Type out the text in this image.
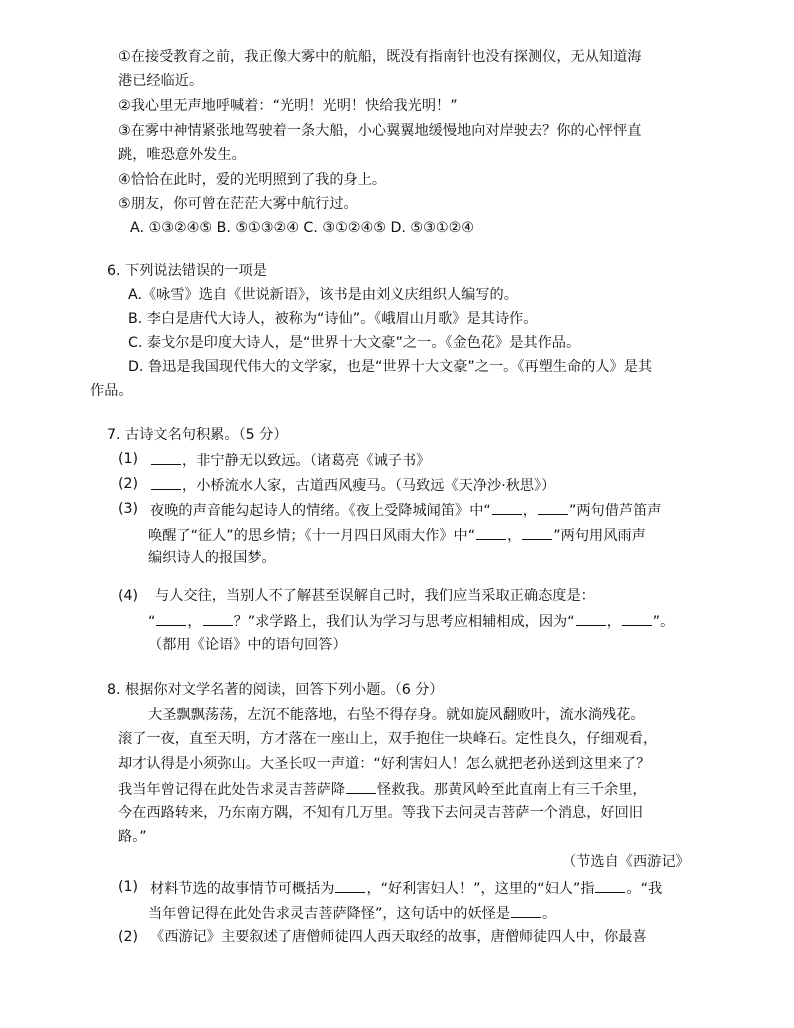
①在接受教育之前，我正像大雾中的航船，既没有指南针也没有探测仪，无从知道海
港已经临近。
②我心里无声地呼喊着：“光明！光明！快给我光明！”
③在雾中神情紧张地驾驶着一条大船，小心翼翼地缓慢地向对岸驶去？你的心怦怦直
跳，唯恐意外发生。
④恰恰在此时，爱的光明照到了我的身上。
⑤朋友，你可曾在茫茫大雾中航行过。
A. ①③②④⑤ B. ⑤①③②④ C. ③①②④⑤ D. ⑤③①②④
6. 下列说法错误的一项是
A.《咏雪》选自《世说新语》，该书是由刘义庆组织人编写的。
B. 李白是唐代大诗人，被称为“诗仙”。《峨眉山月歌》是其诗作。
C. 泰戈尔是印度大诗人，是“世界十大文豪”之一。《金色花》是其作品。
D. 鲁迅是我国现代伟大的文学家，也是“世界十大文豪”之一。《再塑生命的人》是其
作品。
7. 古诗文名句积累。（5 分）
(1)	，非宁静无以致远。（诸葛亮《诫子书》
(2)	，小桥流水人家，古道西风瘦马。（马致远《天净沙·秋思》）
(3) 夜晚的声音能勾起诗人的情绪。《夜上受降城闻笛》中“ ， ”两句借芦笛声
唤醒了“征人”的思乡情；《十一月四日风雨大作》中“ ， ”两句用风雨声
编织诗人的报国梦。
(4) 与人交往，当别人不了解甚至误解自己时，我们应当采取正确态度是：
“ ， ？”求学路上，我们认为学习与思考应相辅相成，因为“ ， ”。
（都用《论语》中的语句回答）
8. 根据你对文学名著的阅读，回答下列小题。（6 分）
大圣飘飘荡荡，左沉不能落地，右坠不得存身。就如旋风翻败叶，流水淌残花。
滚了一夜，直至天明，方才落在一座山上，双手抱住一块峰石。定性良久，仔细观看，
却才认得是小须弥山。大圣长叹一声道：“好利害妇人！怎么就把老孙送到这里来了？
我当年曾记得在此处告求灵吉菩萨降 怪救我。那黄风岭至此直南上有三千余里，
今在西路转来，乃东南方隅，不知有几万里。等我下去问灵吉菩萨一个消息，好回旧
路。”
（节选自《西游记》
(1) 材料节选的故事情节可概括为 ，“好利害妇人！”，这里的“妇人”指 。“我
当年曾记得在此处告求灵吉菩萨降怪”，这句话中的妖怪是 。
(2) 《西游记》主要叙述了唐僧师徒四人西天取经的故事，唐僧师徒四人中，你最喜
